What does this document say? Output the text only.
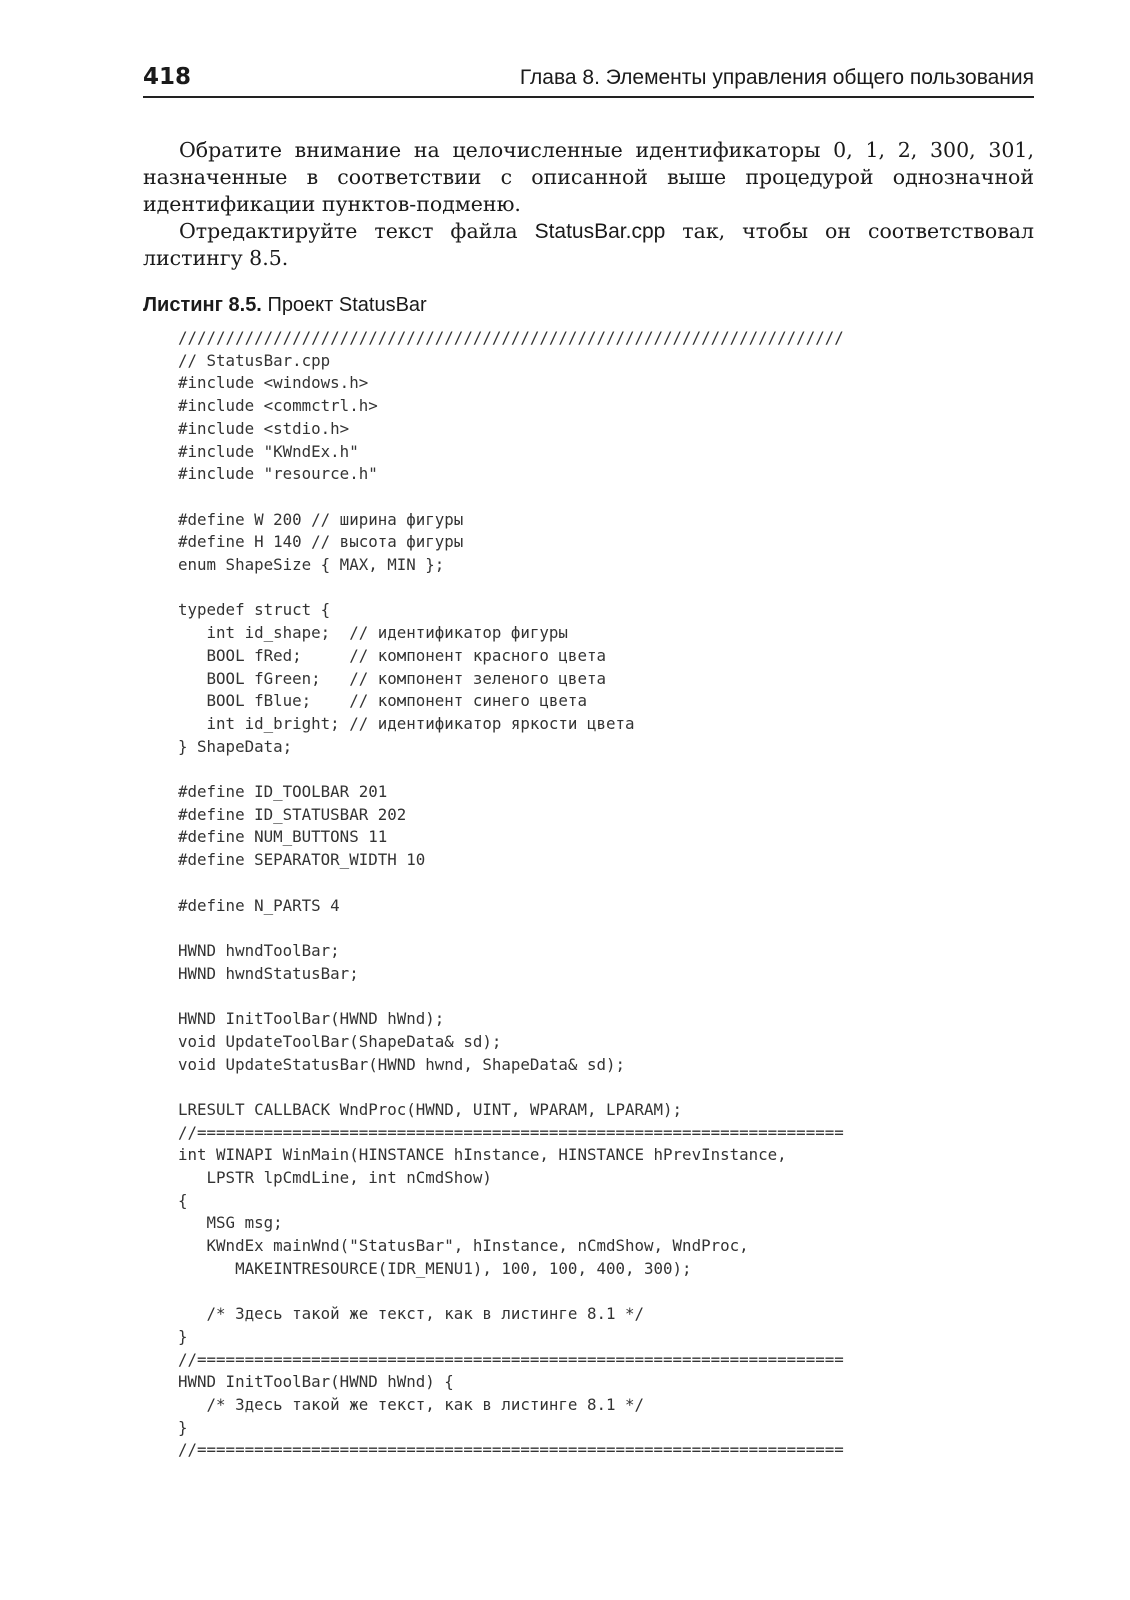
418	Глава 8. Элементы управления общего пользования

Обратите внимание на целочисленные идентификаторы 0, 1, 2, 300, 301, назначенные в соответствии с описанной выше процедурой однозначной идентификации пунктов-подменю.

Отредактируйте текст файла StatusBar.cpp так, чтобы он соответствовал листингу 8.5.

Листинг 8.5. Проект StatusBar
//////////////////////////////////////////////////////////////////////
// StatusBar.cpp
#include <windows.h>
#include <commctrl.h>
#include <stdio.h>
#include "KWndEx.h"
#include "resource.h"

#define W 200 // ширина фигуры
#define H 140 // высота фигуры
enum ShapeSize { MAX, MIN };

typedef struct {
int id_shape;  // идентификатор фигуры
BOOL fRed;     // компонент красного цвета
BOOL fGreen;   // компонент зеленого цвета
BOOL fBlue;    // компонент синего цвета
int id_bright; // идентификатор яркости цвета
} ShapeData;

#define ID_TOOLBAR 201
#define ID_STATUSBAR 202
#define NUM_BUTTONS 11
#define SEPARATOR_WIDTH 10

#define N_PARTS 4

HWND hwndToolBar;
HWND hwndStatusBar;

HWND InitToolBar(HWND hWnd);
void UpdateToolBar(ShapeData& sd);
void UpdateStatusBar(HWND hwnd, ShapeData& sd);

LRESULT CALLBACK WndProc(HWND, UINT, WPARAM, LPARAM);
//====================================================================
int WINAPI WinMain(HINSTANCE hInstance, HINSTANCE hPrevInstance,
LPSTR lpCmdLine, int nCmdShow)
{
MSG msg;
KWndEx mainWnd("StatusBar", hInstance, nCmdShow, WndProc,
MAKEINTRESOURCE(IDR_MENU1), 100, 100, 400, 300);

/* Здесь такой же текст, как в листинге 8.1 */
}
//====================================================================
HWND InitToolBar(HWND hWnd) {
/* Здесь такой же текст, как в листинге 8.1 */
}
//====================================================================
